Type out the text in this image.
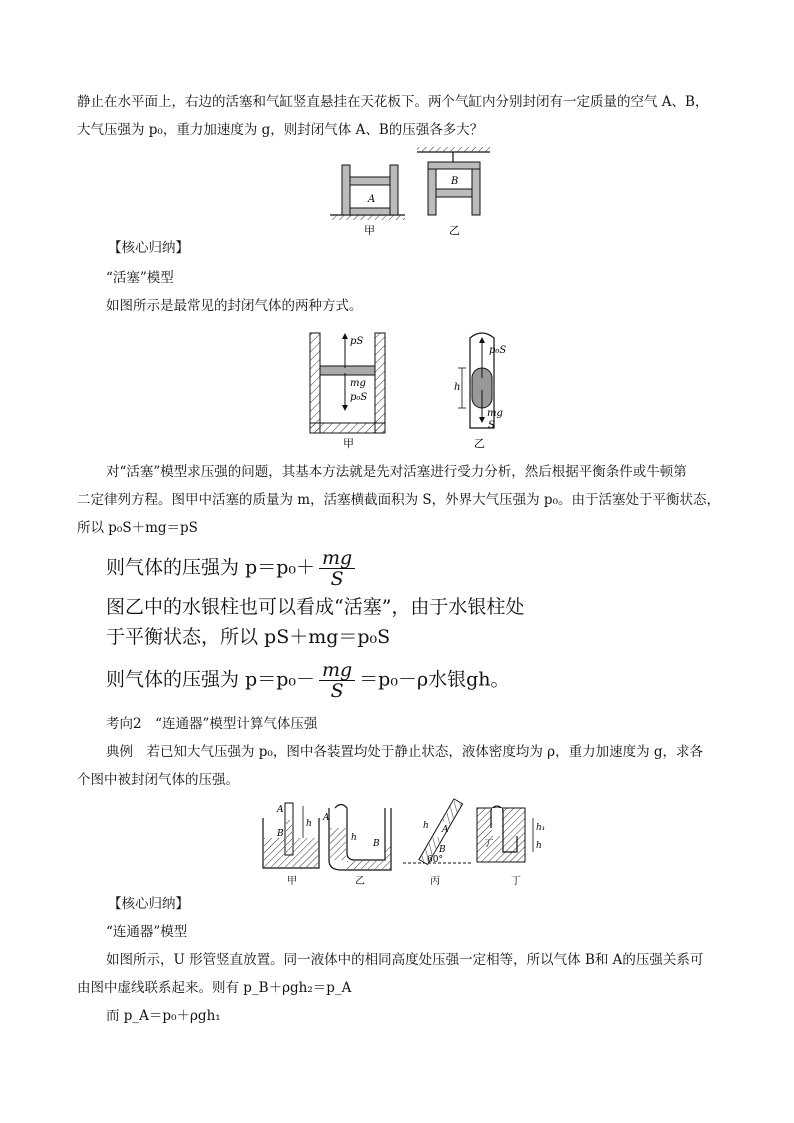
静止在水平面上，右边的活塞和气缸竖直悬挂在天花板下。两个气缸内分别封闭有一定质量的空气 A、B，
大气压强为 p₀，重力加速度为 g，则封闭气体 A、B的压强各多大？
A
甲
B
乙
【核心归纳】
“活塞”模型
如图所示是最常见的封闭气体的两种方式。
pS
mg
p₀S
甲
h
p₀S
mg
S
乙
对“活塞”模型求压强的问题，其基本方法就是先对活塞进行受力分析，然后根据平衡条件或牛顿第
二定律列方程。图甲中活塞的质量为 m，活塞横截面积为 S，外界大气压强为 p₀。由于活塞处于平衡状态，
所以 p₀S＋mg＝pS
则气体的压强为 $p=p_0+ \frac{mg}{S}$
图乙中的水银柱也可以看成“活塞”，由于水银柱处
于平衡状态，所以 pS＋mg＝p₀S
则气体的压强为 $p=p_0- \frac{mg}{S} =p_0-\rho$水银gh。
考向2　“连通器”模型计算气体压强
典例　若已知大气压强为 p₀，图中各装置均处于静止状态，液体密度均为 ρ，重力加速度为 g，求各
个图中被封闭气体的压强。
A
B
h
甲
A
h
B
乙
h A
B
60°
丙
丁
h₁
h
丁
【核心归纳】
“连通器”模型
如图所示，U 形管竖直放置。同一液体中的相同高度处压强一定相等，所以气体 B和 A的压强关系可
由图中虚线联系起来。则有 p_B＋ρgh₂＝p_A
而 p_A＝p₀＋ρgh₁
